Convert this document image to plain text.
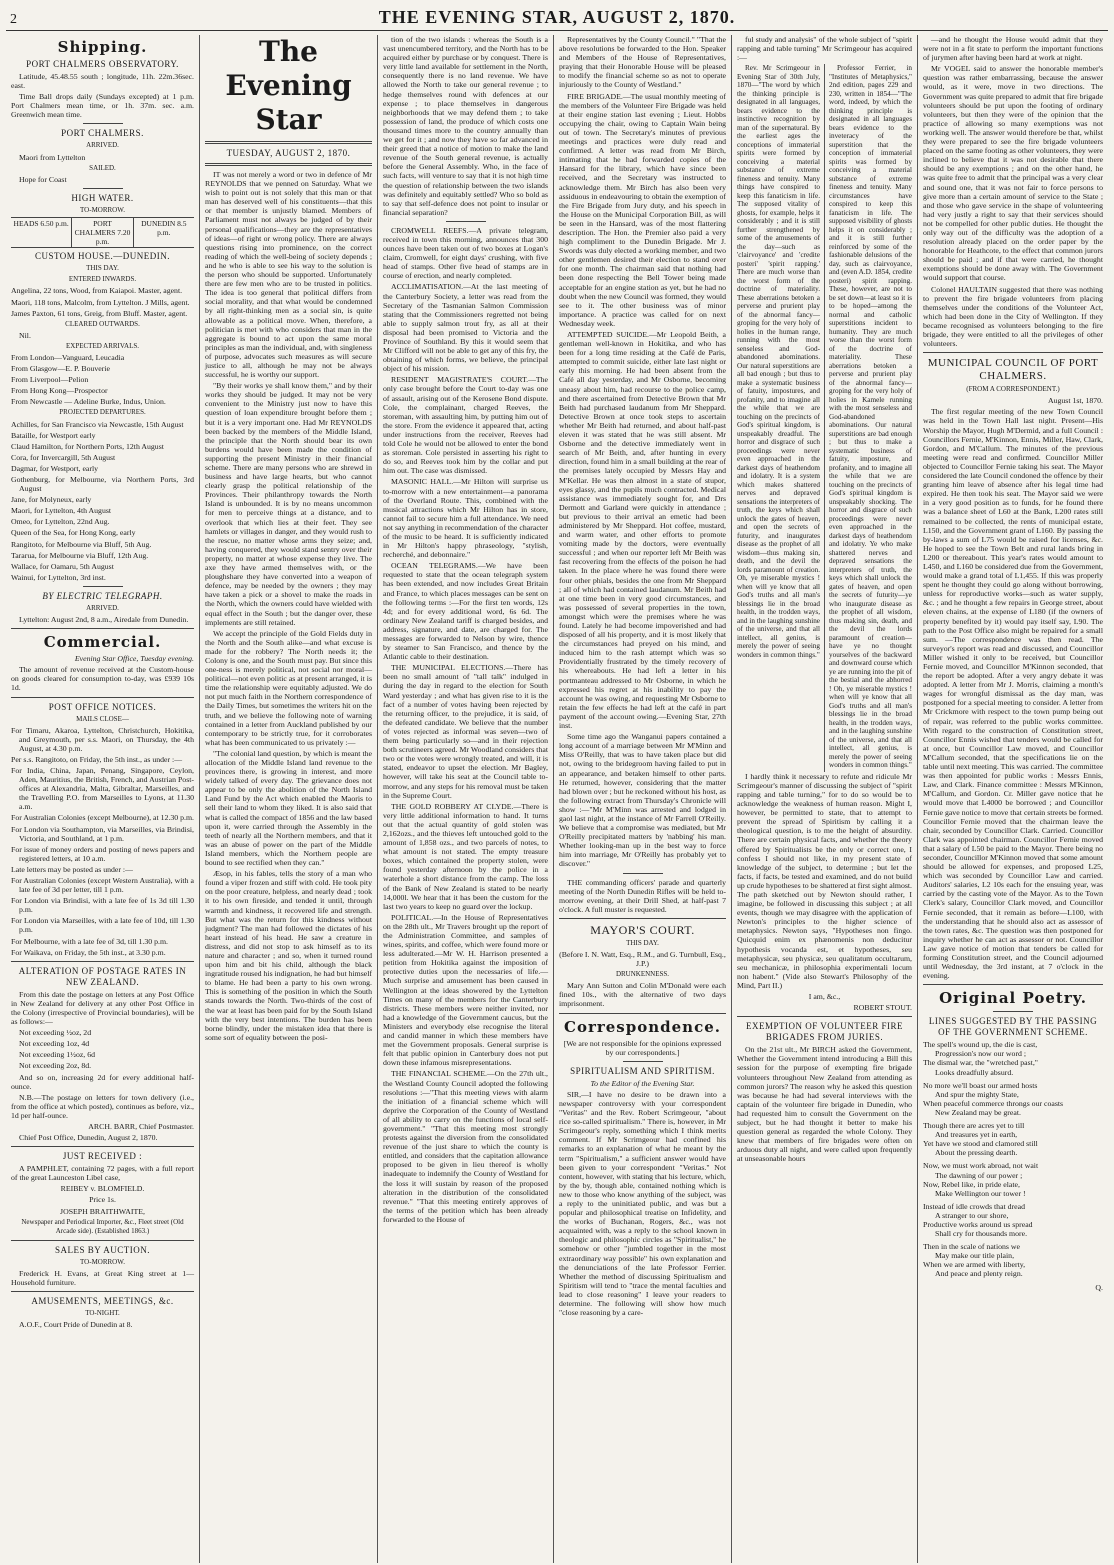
2	THE EVENING STAR, AUGUST 2, 1870.
Shipping.
PORT CHALMERS OBSERVATORY.

Latitude, 45.48.55 south ; longitude, 11h. 22m.36sec. east.

Time Ball drops daily (Sundays excepted) at 1 p.m. Port Chalmers mean time, or 1h. 37m. sec. a.m. Greenwich mean time.

PORT CHALMERS.

ARRIVED.

Maori from Lyttelton

SAILED.

Hope for Coast

HIGH WATER.

TO-MORROW.

HEADS 6.50 p.m.	PORT CHALMERS 7.20 p.m.
DUNEDIN 8.5 p.m.
CUSTOM HOUSE.—DUNEDIN.

THIS DAY.

ENTERED INWARDS.

Angelina, 22 tons, Wood, from Kaiapoi. Master, agent.

Maori, 118 tons, Malcolm, from Lyttelton. J Mills, agent.

James Paxton, 61 tons, Greig, from Bluff. Master, agent.

CLEARED OUTWARDS.

Nil.

EXPECTED ARRIVALS.

From London—Vanguard, Leucadia

From Glasgow—E. P. Bouverie

From Liverpool—Pelion

From Hong Kong—Prospector

From Newcastle — Adeline Burke, Indus, Union.

PROJECTED DEPARTURES.

Achilles, for San Francisco via Newcastle, 15th August

Bataille, for Westport early

Claud Hamilton, for Northern Ports, 12th August

Cora, for Invercargill, 5th August

Dagmar, for Westport, early

Gothenburg, for Melbourne, via Northern Ports, 3rd August

Jane, for Molyneux, early

Maori, for Lyttelton, 4th August

Omeo, for Lyttelton, 22nd Aug.

Queen of the Sea, for Hong Kong, early

Rangitoto, for Melbourne via Bluff, 5th Aug.

Tararua, for Melbourne via Bluff, 12th Aug.

Wallace, for Oamaru, 5th August

Wainui, for Lyttelton, 3rd inst.

BY ELECTRIC TELEGRAPH.

ARRIVED.

Lyttelton: August 2nd, 8 a.m., Airedale from Dunedin.

Commercial.

Evening Star Office, Tuesday evening.

The amount of revenue received at the Custom-house on goods cleared for consumption to-day, was £939 10s 1d.

POST OFFICE NOTICES.

MAILS CLOSE—

For Timaru, Akaroa, Lyttelton, Christchurch, Hokitika, and Greymouth, per s.s. Maori, on Thursday, the 4th August, at 4.30 p.m.

Per s.s. Rangitoto, on Friday, the 5th inst., as under :—

For India, China, Japan, Penang, Singapore, Ceylon, Aden, Mauritius, the British, French, and Austrian Post-offices at Alexandria, Malta, Gibraltar, Marseilles, and the Travelling P.O. from Marseilles to Lyons, at 11.30 a.m.

For Australian Colonies (except Melbourne), at 12.30 p.m.

For London via Southampton, via Marseilles, via Brindisi, Victoria, and Southland, at 1 p.m.

For issue of money orders and posting of news papers and registered letters, at 10 a.m.

Late letters may be posted as under :—

For Australian Colonies (except Western Australia), with a late fee of 3d per letter, till 1 p.m.

For London via Brindisi, with a late fee of 1s 3d till 1.30 p.m.

For London via Marseilles, with a late fee of 10d, till 1.30 p.m.

For Melbourne, with a late fee of 3d, till 1.30 p.m.

For Waikava, on Friday, the 5th inst., at 3.30 p.m.

ALTERATION OF POSTAGE RATES IN NEW ZEALAND.

From this date the postage on letters at any Post Office in New Zealand for delivery at any other Post Office in the Colony (irrespective of Provincial boundaries), will be as follows:—

Not exceeding ½oz, 2d

Not exceeding 1oz, 4d

Not exceeding 1½oz, 6d

Not exceeding 2oz, 8d.

And so on, increasing 2d for every additional half-ounce.

N.B.—The postage on letters for town delivery (i.e., from the office at which posted), continues as before, viz., 1d per half-ounce.

ARCH. BARR, Chief Postmaster.

Chief Post Office, Dunedin, August 2, 1870.

JUST RECEIVED :

A PAMPHLET, containing 72 pages, with a full report of the great Launceston Libel case,

REIBEY v. BLOMFIELD.

Price 1s.

JOSEPH BRAITHWAITE,

Newspaper and Periodical Importer, &c., Fleet street (Old Arcade side). (Established 1863.)

SALES BY AUCTION.

TO-MORROW.

Frederick H. Evans, at Great King street at 1—Household furniture.

AMUSEMENTS, MEETINGS, &c.

TO-NIGHT.

A.O.F., Court Pride of Dunedin at 8.

The Evening Star
TUESDAY, AUGUST 2, 1870.

IT was not merely a word or two in defence of Mr REYNOLDS that we penned on Saturday. What we wish to point out is not solely that this man or that man has deserved well of his constituents—that this or that member is unjustly blamed. Members of Parliament must not always be judged of by their personal qualifications—they are the representatives of ideas—of right or wrong policy. There are always questions rising into prominence, on the correct reading of which the well-being of society depends ; and he who is able to see his way to the solution is the person who should be supported. Unfortunately there are few men who are to be trusted in politics. The idea is too general that political differs from social morality, and that what would be condemned by all right-thinking men as a social sin, is quite allowable as a political move. When, therefore, a politician is met with who considers that man in the aggregate is bound to act upon the same moral principles as man the individual, and, with singleness of purpose, advocates such measures as will secure justice to all, although he may not be always successful, he is worthy our support.

"By their works ye shall know them," and by their works they should be judged. It may not be very convenient to the Ministry just now to have this question of loan expenditure brought before them ; but it is a very important one. Had Mr REYNOLDS been backed by the members of the Middle Island, the principle that the North should bear its own burdens would have been made the condition of supporting the present Ministry in their financial scheme. There are many persons who are shrewd in business and have large hearts, but who cannot clearly grasp the political relationship of the Provinces. Their philanthropy towards the North Island is unbounded. It is by no means uncommon for men to perceive things at a distance, and to overlook that which lies at their feet. They see hamlets or villages in danger, and they would rush to the rescue, no matter whose arms they seize; and, having conquered, they would stand sentry over their property, no matter at whose expense they live. The axe they have armed themselves with, or the ploughshare they have converted into a weapon of defence, may be needed by the owners ; they may have taken a pick or a shovel to make the roads in the North, which the owners could have wielded with equal effect in the South ; but the danger over, these implements are still retained.

We accept the principle of the Gold Fields duty in the North and the South alike—and what excuse is made for the robbery? The North needs it; the Colony is one, and the South must pay. But since this one-ness is merely political, not social nor moral—political—not even politic as at present arranged, it is time the relationship were equitably adjusted. We do not put much faith in the Northern correspondence of the Daily Times, but sometimes the writers hit on the truth, and we believe the following note of warning contained in a letter from Auckland published by our contemporary to be strictly true, for it corroborates what has been communicated to us privately :—

"The colonial land question, by which is meant the allocation of the Middle Island land revenue to the provinces there, is growing in interest, and more widely talked of every day. The grievance does not appear to be only the abolition of the North Island Land Fund by the Act which enabled the Maoris to sell their land to whom they liked. It is also said that what is called the compact of 1856 and the law based upon it, were carried through the Assembly in the teeth of nearly all the Northern members, and that it was an abuse of power on the part of the Middle Island members, which the Northern people are bound to see rectified when they can."

Æsop, in his fables, tells the story of a man who found a viper frozen and stiff with cold. He took pity on the poor creature, helpless, and nearly dead ; took it to his own fireside, and tended it until, through warmth and kindness, it recovered life and strength. But what was the return for this kindness without judgment? The man had followed the dictates of his heart instead of his head. He saw a creature in distress, and did not stop to ask himself as to its nature and character ; and so, when it turned round upon him and bit his child, although the black ingratitude roused his indignation, he had but himself to blame. He had been a party to his own wrong. This is something of the position in which the South stands towards the North. Two-thirds of the cost of the war at least has been paid for by the South Island with the very best intentions. The burden has been borne blindly, under the mistaken idea that there is some sort of equality between the posi-

tion of the two islands : whereas the South is a vast unencumbered territory, and the North has to be acquired either by purchase or by conquest. There is very little land available for settlement in the North, consequently there is no land revenue. We have allowed the North to take our general revenue ; to hedge themselves round with defences at our expense ; to place themselves in dangerous neighborhoods that we may defend them ; to take possession of land, the produce of which costs one thousand times more to the country annually than we get for it ; and now they have so far advanced in their greed that a notice of motion to make the land revenue of the South general revenue, is actually before the General Assembly. Who, in the face of such facts, will venture to say that it is not high time the question of relationship between the two islands was definitely and equitably settled? Who so bold as to say that self-defence does not point to insular or financial separation?

CROMWELL REEFS.—A private telegram, received in town this morning, announces that 300 ounces have been taken out of two boxes at Logan's claim, Cromwell, for eight days' crushing, with five head of stamps. Other five head of stamps are in course of erection, and nearly completed.

ACCLIMATISATION.—At the last meeting of the Canterbury Society, a letter was read from the Secretary of the Tasmanian Salmon Commission stating that the Commissioners regretted not being able to supply salmon trout fry, as all at their disposal had been promised to Victoria and the Province of Southland. By this it would seem that Mr Clifford will not be able to get any of this fry, the obtaining of which forms, we believe, the principal object of his mission.

RESIDENT MAGISTRATE'S COURT.—The only case brought before the Court to-day was one of assault, arising out of the Kerosene Bond dispute. Cole, the complainant, charged Reeves, the storeman, with assaulting him, by putting him out of the store. From the evidence it appeared that, acting under instructions from the receiver, Reeves had told Cole he would not be allowed to enter the bond as storeman. Cole persisted in asserting his right to do so, and Reeves took him by the collar and put him out. The case was dismissed.

MASONIC HALL.—Mr Hilton will surprise us to-morrow with a new entertainment—a panorama of the Overland Route. This, combined with the musical attractions which Mr Hilton has in store, cannot fail to secure him a full attendance. We need not say anything in recommendation of the character of the music to be heard. It is sufficiently indicated in Mr Hilton's happy phraseology, "stylish, recherché, and debonnaire."

OCEAN TELEGRAMS.—We have been requested to state that the ocean telegraph system has been extended, and now includes Great Britain and France, to which places messages can be sent on the following terms :—For the first ten words, 12s 4d; and for every additional word, 6s 6d. The ordinary New Zealand tariff is charged besides, and address, signature, and date, are charged for. The messages are forwarded to Nelson by wire, thence by steamer to San Francisco, and thence by the Atlantic cable to their destination.

THE MUNICIPAL ELECTIONS.—There has been no small amount of "tall talk" indulged in during the day in regard to the election for South Ward yesterday ; and what has given rise to it is the fact of a number of votes having been rejected by the returning officer, to the prejudice, it is said, of the defeated candidate. We believe that the number of votes rejected as informal was seven—two of them being particularly so—and in their rejection both scrutineers agreed. Mr Woodland considers that two or the votes were wrongly treated, and will, it is stated, endeavor to upset the election. Mr Bagley, however, will take his seat at the Council table to-morrow, and any steps for his removal must be taken in the Supreme Court.

THE GOLD ROBBERY AT CLYDE.—There is very little additional information to hand. It turns out that the actual quantity of gold stolen was 2,162ozs., and the thieves left untouched gold to the amount of 1,858 ozs., and two parcels of notes, to what amount is not stated. The empty treasure boxes, which contained the property stolen, were found yesterday afternoon by the police in a waterhole a short distance from the camp. The loss of the Bank of New Zealand is stated to be nearly 14,000l. We hear that it has been the custom for the last two years to keep no guard over the lockup.

POLITICAL.—In the House of Representatives on the 28th ult., Mr Travers brought up the report of the Administration Committee, and samples of wines, spirits, and coffee, which were found more or less adulterated.—Mr W. H. Harrison presented a petition from Hokitika against the imposition of protective duties upon the necessaries of life.—Much surprise and amusement has been caused in Wellington at the ideas showered by the Lyttelton Times on many of the members for the Canterbury districts. These members were neither invited, nor had a knowledge of the Government caucus, but the Ministers and everybody else recognise the literal and candid manner in which these members have met the Government proposals. General surprise is felt that public opinion in Canterbury does not put down these infamous misrepresentations.

THE FINANCIAL SCHEME.—On the 27th ult., the Westland County Council adopted the following resolutions :—"That this meeting views with alarm the initiation of a financial scheme which will deprive the Corporation of the County of Westland of all ability to carry on the functions of local self-government." "That this meeting most strongly protests against the diversion from the consolidated revenue of the just share to which the county is entitled, and considers that the capitation allowance proposed to be given in lieu thereof is wholly inadequate to indemnify the County of Westland for the loss it will sustain by reason of the proposed alteration in the distribution of the consolidated revenue." "That this meeting entirely approves of the terms of the petition which has been already forwarded to the House of

Representatives by the County Council." "That the above resolutions be forwarded to the Hon. Speaker and Members of the House of Representatives, praying that their Honorable House will be pleased to modify the financial scheme so as not to operate injuriously to the County of Westland."

FIRE BRIGADE.—The usual monthly meeting of the members of the Volunteer Fire Brigade was held at their engine station last evening ; Lieut. Hobbs occupying the chair, owing to Captain Wain being out of town. The Secretary's minutes of previous meetings and practices were duly read and confirmed. A letter was read from Mr Birch, intimating that he had forwarded copies of the Hansard for the library, which have since been received, and the Secretary was instructed to acknowledge them. Mr Birch has also been very assiduous in endeavouring to obtain the exemption of the Fire Brigade from Jury duty, and his speech in the House on the Municipal Corporation Bill, as will be seen in the Hansard, was of the most flattering description. The Hon. the Premier also paid a very high compliment to the Dunedin Brigade. Mr J. Swords was duly elected a working member, and two other gentlemen desired their election to stand over for one month. The chairman said that nothing had been done respecting the Bell Tower being made acceptable for an engine station as yet, but he had no doubt when the new Council was formed, they would see to it. The other business was of minor importance. A practice was called for on next Wednesday week.

ATTEMPTED SUICIDE.—Mr Leopold Beith, a gentleman well-known in Hokitika, and who has been for a long time residing at the Café de Paris, attempted to commit suicide, either late last night or early this morning. He had been absent from the Café all day yesterday, and Mr Osborne, becoming uneasy about him, had recourse to the police camp, and there ascertained from Detective Brown that Mr Beith had purchased laudanum from Mr Sheppard. Detective Brown at once took steps to ascertain whether Mr Beith had returned, and about half-past eleven it was stated that he was still absent. Mr Osborne and the detective immediately went in search of Mr Beith, and, after hunting in every direction, found him in a small building at the rear of the premises lately occupied by Messrs Hay and M'Kellar. He was then almost in a state of stupor, eyes glassy, and the pupils much contracted. Medical assistance was immediately sought for, and Drs Dermott and Garland were quickly in attendance ; but previous to their arrival an emetic had been administered by Mr Sheppard. Hot coffee, mustard, and warm water, and other efforts to promote vomiting made by the doctors, were eventually successful ; and when our reporter left Mr Beith was fast recovering from the effects of the poison he had taken. In the place where he was found there were four other phials, besides the one from Mr Sheppard ; all of which had contained laudanum. Mr Beith had at one time been in very good circumstances, and was possessed of several properties in the town, amongst which were the premises where he was found. Lately he had become impoverished and had disposed of all his property, and it is most likely that the circumstances had preyed on his mind, and induced him to the rash attempt which was so Providentially frustrated by the timely recovery of his whereabouts. He had left a letter in his portmanteau addressed to Mr Osborne, in which he expressed his regret at his inability to pay the account he was owing, and requesting Mr Osborne to retain the few effects he had left at the café in part payment of the account owing.—Evening Star, 27th inst.

Some time ago the Wanganui papers contained a long account of a marriage between Mr M'Minn and Miss O'Reilly, that was to have taken place but did not, owing to the bridegroom having failed to put in an appearance, and betaken himself to other parts. He returned, however, considering that the matter had blown over ; but he reckoned without his host, as the following extract from Thursday's Chronicle will show :—"Mr M'Minn was arrested and lodged in gaol last night, at the instance of Mr Farrell O'Reilly. We believe that a compromise was mediated, but Mr O'Reilly precipitated matters by 'nabbing' his man. Whether looking-man up in the best way to force him into marriage, Mr O'Reilly has probably yet to discover."

THE commanding officers' parade and quarterly meeting of the North Dunedin Rifles will be held to-morrow evening, at their Drill Shed, at half-past 7 o'clock. A full muster is requested.

MAYOR'S COURT.

THIS DAY.

(Before I. N. Watt, Esq., R.M., and G. Turnbull, Esq., J.P.)

DRUNKENNESS.

Mary Ann Sutton and Colin M'Donald were each fined 10s., with the alternative of two days imprisonment.

Correspondence.

[We are not responsible for the opinions expressed by our correspondents.]

SPIRITUALISM AND SPIRITISM.

To the Editor of the Evening Star.

SIR,—I have no desire to be drawn into a newspaper controversy with your correspondent "Veritas" and the Rev. Robert Scrimgeour, "about rice so-called spiritualism." There is, however, in Mr Scrimgeour's reply, something which I think merits comment. If Mr Scrimgeour had confined his remarks to an explanation of what he meant by the term "Spiritualism," a sufficient answer would have been given to your correspondent "Veritas." Not content, however, with stating that his lecture, which, by the by, though able, contained nothing which is new to those who know anything of the subject, was a reply to the uninitiated public, and was but a popular and philosophical treatise on Infidelity, and the works of Buchanan, Rogers, &c., was not acquainted with, was a reply to the school known in theologic and philosophic circles as "Spiritualist," he somehow or other "jumbled together in the most extraordinary way possible" his own explanation and the denunciations of the late Professor Ferrier. Whether the method of discussing Spiritualism and Spiritism will tend to "trace the mental faculties and lead to close reasoning" I leave your readers to determine. The following will show how much "close reasoning by a care-

ful study and analysis" of the whole subject of "spirit rapping and table turning" Mr Scrimgeour has acquired :—

Rev. Mr Scrimgeour in Evening Star of 30th July, 1870—"The word by which the thinking principle is designated in all languages, bears evidence to the instinctive recognition by man of the supernatural. By the earliest ages the conceptions of immaterial spirits were formed by conceiving a material substance of extreme fineness and tenuity. Many things have conspired to keep this fanaticism in life. The supposed vitality of ghosts, for example, helps it considerably ; and it is still further strengthened by some of the amusements of the day—such as 'clairvoyance' and 'credite posteri' 'spirit rapping.' There are much worse than the worst form of the doctrine of materiality. These aberrations betoken a perverse and prurient play of the abnormal fancy—groping for the very holy of holies in the human range, running with the most senseless and God-abandoned abominations. Our natural superstitions are all bad enough ; but thus to make a systematic business of fatuity, impostures, and profanity, and to imagine all the while that we are touching on the precincts of God's spiritual kingdom, is unspeakably dreadful. The horror and disgrace of such proceedings were never even approached in the darkest days of heathendom and idolatry. It is a system which makes shattered nerves and depraved sensations the interpreters of truth, the keys which shall unlock the gates of heaven, and open the secrets of futurity, and inaugurates disease as the prophet of all wisdom—thus making sin, death, and the devil the lords paramount of creation. Oh, ye miserable mystics ! when will ye know that all God's truths and all man's blessings lie in the broad health, in the trodden ways, and in the laughing sunshine of the universe, and that all intellect, all genius, is merely the power of seeing wonders in common things."

Professor Ferrier, in "Institutes of Metaphysics," 2nd edition, pages 229 and 230, written in 1854—"The word, indeed, by which the thinking principle is designated in all languages bears evidence to the inveteracy of the superstition that the conception of immaterial spirits was formed by conceiving a material substance of extreme fineness and tenuity. Many circumstances have conspired to keep this fanaticism in life. The supposed visibility of ghosts helps it on considerably ; and it is still further reinforced by some of the fashionable delusions of the day, such as clairvoyance, and (even A.D. 1854, credite posteri) spirit rapping. These, however, are not to be set down—at least so it is to be hoped—among the normal and catholic superstitions incident to humanity. They are much worse than the worst form of the doctrine of materiality. These aberrations betoken a perverse and prurient play of the abnormal fancy—groping for the very holy of holies in Kamele running with the most senseless and God-abandoned abominations. Our natural superstitions are bad enough ; but thus to make a systematic business of fatuity, imposture, and profanity, and to imagine all the while that we are touching on the precincts of God's spiritual kingdom is unspeakably shocking. The horror and disgrace of such proceedings were never even approached in the darkest days of heathendom and idolatry. Ye who make shattered nerves and depraved sensations the interpreters of truth, the keys which shall unlock the gates of heaven, and open the secrets of futurity—ye who inaugurate disease as the prophet of all wisdom, thus making sin, death, and the devil the lords paramount of creation—have ye no thought yourselves of the backward and downward course which ye are running into the pit of the bestial and the abhorred ! Oh, ye miserable mystics ! when will ye know that all God's truths and all man's blessings lie in the broad health, in the trodden ways, and in the laughing sunshine of the universe, and that all intellect, all genius, is merely the power of seeing wonders in common things."

I hardly think it necessary to refute and ridicule Mr Scrimgeour's manner of discussing the subject of "spirit rapping and table turning," for to do so would be to acknowledge the weakness of human reason. Might I, however, be permitted to state, that to attempt to prevent the spread of Spiritism by calling it a theological question, is to me the height of absurdity. There are certain physical facts, and whether the theory offered by Spiritualists be the only or correct one, I confess I should not like, in my present state of knowledge of the subject, to determine ; but let the facts, if facts, be tested and examined, and do not build up crude hypotheses to be shattered at first sight almost. The path sketched out by Newton should rather, I imagine, be followed in discussing this subject ; at all events, though we may disagree with the application of Newton's principles to the higher science of metaphysics. Newton says, "Hypotheses non fingo. Quicquid enim ex phænomenis non deducitur hypothesis vocanda est, et hypotheses, seu metaphysicæ, seu physicæ, seu qualitatum occultarum, seu mechanicæ, in philosophia experimentali locum non habent." (Vide also Stewart's Philosophy of the Mind, Part II.)

I am, &c.,

ROBERT STOUT.

EXEMPTION OF VOLUNTEER FIRE BRIGADES FROM JURIES.

On the 21st ult., Mr BIRCH asked the Government, Whether the Government intend introducing a Bill this session for the purpose of exempting fire brigade volunteers throughout New Zealand from attending as common jurors? The reason why he asked this question was because he had had several interviews with the captain of the volunteer fire brigade in Dunedin, who had requested him to consult the Government on the subject, but he had thought it better to make his question general as regarded the whole Colony. They knew that members of fire brigades were often on arduous duty all night, and were called upon frequently at unseasonable hours

—and he thought the House would admit that they were not in a fit state to perform the important functions of jurymen after having been hard at work at night.

Mr VOGEL said to answer the honorable member's question was rather embarrassing, because the answer would, as it were, move in two directions. The Government was quite prepared to admit that fire brigade volunteers should be put upon the footing of ordinary volunteers, but then they were of the opinion that the practice of allowing so many exemptions was not working well. The answer would therefore be that, whilst they were prepared to see the fire brigade volunteers placed on the same footing as other volunteers, they were inclined to believe that it was not desirable that there should be any exemptions ; and on the other hand, he was quite free to admit that the principal was a very clear and sound one, that it was not fair to force persons to give more than a certain amount of service to the State ; and those who gave service in the shape of volunteering had very justly a right to say that their services should not be compelled for other public duties. He thought the only way out of the difficulty was the adoption of a resolution already placed on the order paper by the honorable for Heathcote, to the effect that common jurors should be paid ; and if that were carried, he thought exemptions should be done away with. The Government would support that course.

Colonel HAULTAIN suggested that there was nothing to prevent the fire brigade volunteers from placing themselves under the conditions of the Volunteer Act, which had been done in the City of Wellington. If they became recognised as volunteers belonging to the fire brigade, they were entitled to all the privileges of other volunteers.

MUNICIPAL COUNCIL OF PORT CHALMERS.

(FROM A CORRESPONDENT.)

August 1st, 1870.

The first regular meeting of the new Town Council was held in the Town Hall last night. Present—His Worship the Mayor, Hugh M'Dermid, and a full Council : Councillors Fernie, M'Kinnon, Ennis, Miller, Haw, Clark, Gordon, and M'Callum. The minutes of the previous meeting were read and confirmed. Councillor Miller objected to Councillor Fernie taking his seat. The Mayor considered the late Council condoned the offence by their granting him leave of absence after his legal time had expired. He then took his seat. The Mayor said we were in a very good position as to funds, for he found there was a balance sheet of L60 at the Bank, L200 rates still remained to be collected, the rents of municipal estate, L150, and the Government grant of L160. By passing the by-laws a sum of L75 would be raised for licenses, &c. He hoped to see the Town Belt and rural lands bring in L200 or thereabout. This year's rates would amount to L450, and L160 be considered due from the Government, would make a grand total of L1,455. If this was properly spent he thought they could go along without borrowing, unless for reproductive works—such as water supply, &c. ; and he thought a few repairs in George street, about eleven chains, at the expense of L180 (if the owners of property benefited by it) would pay itself say, L90. The path to the Post Office also might be repaired for a small sum. —The correspondence was then read. The surveyor's report was read and discussed, and Councillor Miller wished it only to be received, but Councillor Fernie moved, and Councillor M'Kinnon seconded, that the report be adopted. After a very angry debate it was adopted. A letter from Mr J. Morris, claiming a month's wages for wrongful dismissal as the day man, was postponed for a special meeting to consider. A letter from Mr Crickmore with respect to the town pump being out of repair, was referred to the public works committee. With regard to the construction of Constitution street, Councillor Ennis wished that tenders would be called for at once, but Councillor Law moved, and Councillor M'Callum seconded, that the specifications lie on the table until next meeting. This was carried. The committee was then appointed for public works : Messrs Ennis, Law, and Clark. Finance committee : Messrs M'Kinnon, M'Callum, and Gordon. Cr. Miller gave notice that he would move that L4000 be borrowed ; and Councillor Fernie gave notice to move that certain streets be formed. Councillor Fernie moved that the chairman leave the chair, seconded by Councillor Clark. Carried. Councillor Clark was appointed chairman. Councillor Fernie moved that a salary of L50 be paid to the Mayor. There being no seconder, Councillor M'Kinnon moved that some amount should be allowed for expenses, and proposed L25, which was seconded by Councillor Law and carried. Auditors' salaries, L2 10s each for the ensuing year, was carried by the casting vote of the Mayor. As to the Town Clerk's salary, Councillor Clark moved, and Councillor Fernie seconded, that it remain as before—L100, with the understanding that he should also act as assessor of the town rates, &c. The question was then postponed for inquiry whether he can act as assessor or not. Councillor Law gave notice of motion that tenders be called for forming Constitution street, and the Council adjourned until Wednesday, the 3rd instant, at 7 o'clock in the evening.

Original Poetry.
LINES SUGGESTED BY THE PASSING OF THE GOVERNMENT SCHEME.

The spell's wound up, the die is cast,

Progression's now our word ;

The dismal war, the "wretched past,"

Looks dreadfully absurd.

No more we'll boast our armed hosts

And spur the mighty State,

When peaceful commerce throngs our coasts

New Zealand may be great.

Though there are acres yet to till

And treasures yet in earth,

Yet have we stood and clamored still

About the pressing dearth.

Now, we must work abroad, not wait

The dawning of our power ;

Now, Rebel like, in pride elate,

Make Wellington our tower !

Instead of idle crowds that dread

A stranger to our shore,

Productive works around us spread

Shall cry for thousands more.

Then in the scale of nations we

May make our title plain,

When we are armed with liberty,

And peace and plenty reign.

Q.
